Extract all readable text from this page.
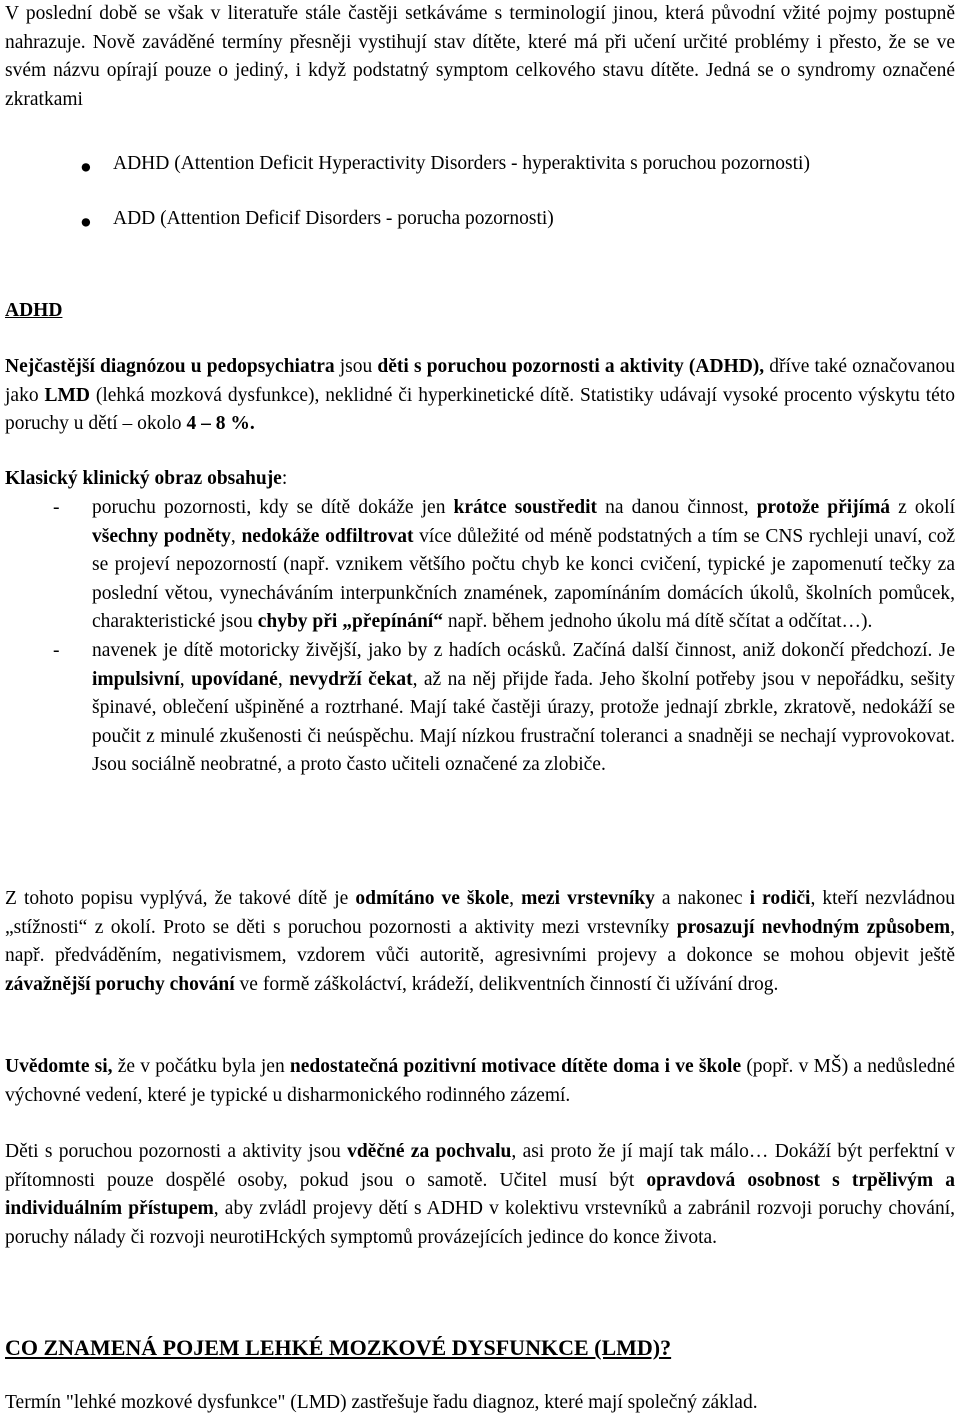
V poslední době se však v literatuře stále častěji setkáváme s terminologií jinou, která původní vžité pojmy postupně nahrazuje. Nově zaváděné termíny přesněji vystihují stav dítěte, které má při učení určité problémy i přesto, že se ve svém názvu opírají pouze o jediný, i když podstatný symptom celkového stavu dítěte. Jedná se o syndromy označené zkratkami

● ADHD (Attention Deficit Hyperactivity Disorders - hyperaktivita s poruchou pozornosti)
● ADD (Attention Deficif Disorders - porucha pozornosti)

ADHD

Nejčastější diagnózou u pedopsychiatra jsou děti s poruchou pozornosti a aktivity (ADHD), dříve také označovanou jako LMD (lehká mozková dysfunkce), neklidné či hyperkinetické dítě. Statistiky udávají vysoké procento výskytu této poruchy u dětí – okolo 4 – 8 %.

Klasický klinický obraz obsahuje:

- poruchu pozornosti, kdy se dítě dokáže jen krátce soustředit na danou činnost, protože přijímá z okolí všechny podněty, nedokáže odfiltrovat více důležité od méně podstatných a tím se CNS rychleji unaví, což se projeví nepozorností (např. vznikem většího počtu chyb ke konci cvičení, typické je zapomenutí tečky za poslední větou, vynecháváním interpunkčních znamének, zapomínáním domácích úkolů, školních pomůcek, charakteristické jsou chyby při „přepínání“ např. během jednoho úkolu má dítě sčítat a odčítat…).
- navenek je dítě motoricky živější, jako by z hadích ocásků. Začíná další činnost, aniž dokončí předchozí. Je impulsivní, upovídané, nevydrží čekat, až na něj přijde řada. Jeho školní potřeby jsou v nepořádku, sešity špinavé, oblečení ušpiněné a roztrhané. Mají také častěji úrazy, protože jednají zbrkle, zkratově, nedokáží se poučit z minulé zkušenosti či neúspěchu. Mají nízkou frustrační toleranci a snadněji se nechají vyprovokovat. Jsou sociálně neobratné, a proto často učiteli označené za zlobiče.

Z tohoto popisu vyplývá, že takové dítě je odmítáno ve škole, mezi vrstevníky a nakonec i rodiči, kteří nezvládnou „stížnosti“ z okolí. Proto se děti s poruchou pozornosti a aktivity mezi vrstevníky prosazují nevhodným způsobem, např. předváděním, negativismem, vzdorem vůči autoritě, agresivními projevy a dokonce se mohou objevit ještě závažnější poruchy chování ve formě záškoláctví, krádeží, delikventních činností či užívání drog.

Uvědomte si, že v počátku byla jen nedostatečná pozitivní motivace dítěte doma i ve škole (popř. v MŠ) a nedůsledné výchovné vedení, které je typické u disharmonického rodinného zázemí.

Děti s poruchou pozornosti a aktivity jsou vděčné za pochvalu, asi proto že jí mají tak málo… Dokáží být perfektní v přítomnosti pouze dospělé osoby, pokud jsou o samotě. Učitel musí být opravdová osobnost s trpělivým a individuálním přístupem, aby zvládl projevy dětí s ADHD v kolektivu vrstevníků a zabránil rozvoji poruchy chování, poruchy nálady či rozvoji neurotiHckých symptomů provázejících jedince do konce života.

CO ZNAMENÁ POJEM LEHKÉ MOZKOVÉ DYSFUNKCE (LMD)?

Termín "lehké mozkové dysfunkce" (LMD) zastřešuje řadu diagnoz, které mají společný základ.
